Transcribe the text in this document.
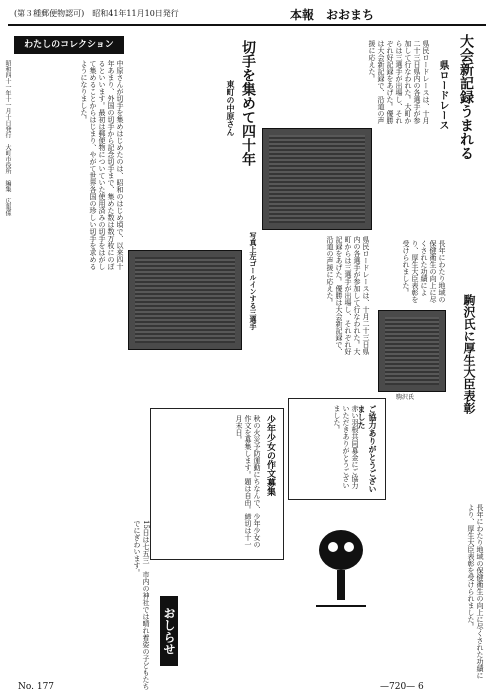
(第３種郵便物認可)　昭和41年11月10日発行	本報　おおまち
わたしのコレクション
中原さんが切手を集めはじめたのは、昭和のはじめ頃で、以来四十年あまり、外国の切手から記念切手まで、集めた数は数万枚にのぼるといいます。最初は郵便物についていた使用済みの切手をはがして集めることからはじまり、やがて世界各国の珍しい切手を求めるようになりました。
昭和四十一年十一月十日発行　大町市役所　編集　広報係	切手を集めて四十年
東町の中原さん
写真上左ゴールインする三選手
大会新記録うまれる
県ロードレース
県民ロードレースは、十月二十三日県内の各選手が参加して行なわれた。大町からは三選手が出場し、それぞれ好記録をあげた。優勝は大会新記録で、沿道の声援に応えた。
県民ロードレースは、十月二十三日県内の各選手が参加して行なわれた。大町からは三選手が出場し、それぞれ好記録をあげた。優勝は大会新記録で、沿道の声援に応えた。
駒沢氏に厚生大臣表彰
駒沢氏
長年にわたり地域の保健衛生の向上に尽くされた功績により、厚生大臣表彰を受けられました。
ご協力ありがとうございました
赤い羽根共同募金にご協力いただきありがとうございました。
少年少女の作文募集
秋の火災予防運動にちなんで、少年少女の作文を募集します。題は自由。締切は十一月末日。
おしらせ
15日は七五三　市内の神社では晴れ着姿の子どもたちでにぎわいます。	長年にわたり地域の保健衛生の向上に尽くされた功績により、厚生大臣表彰を受けられました。
No. 177	—720— 6
